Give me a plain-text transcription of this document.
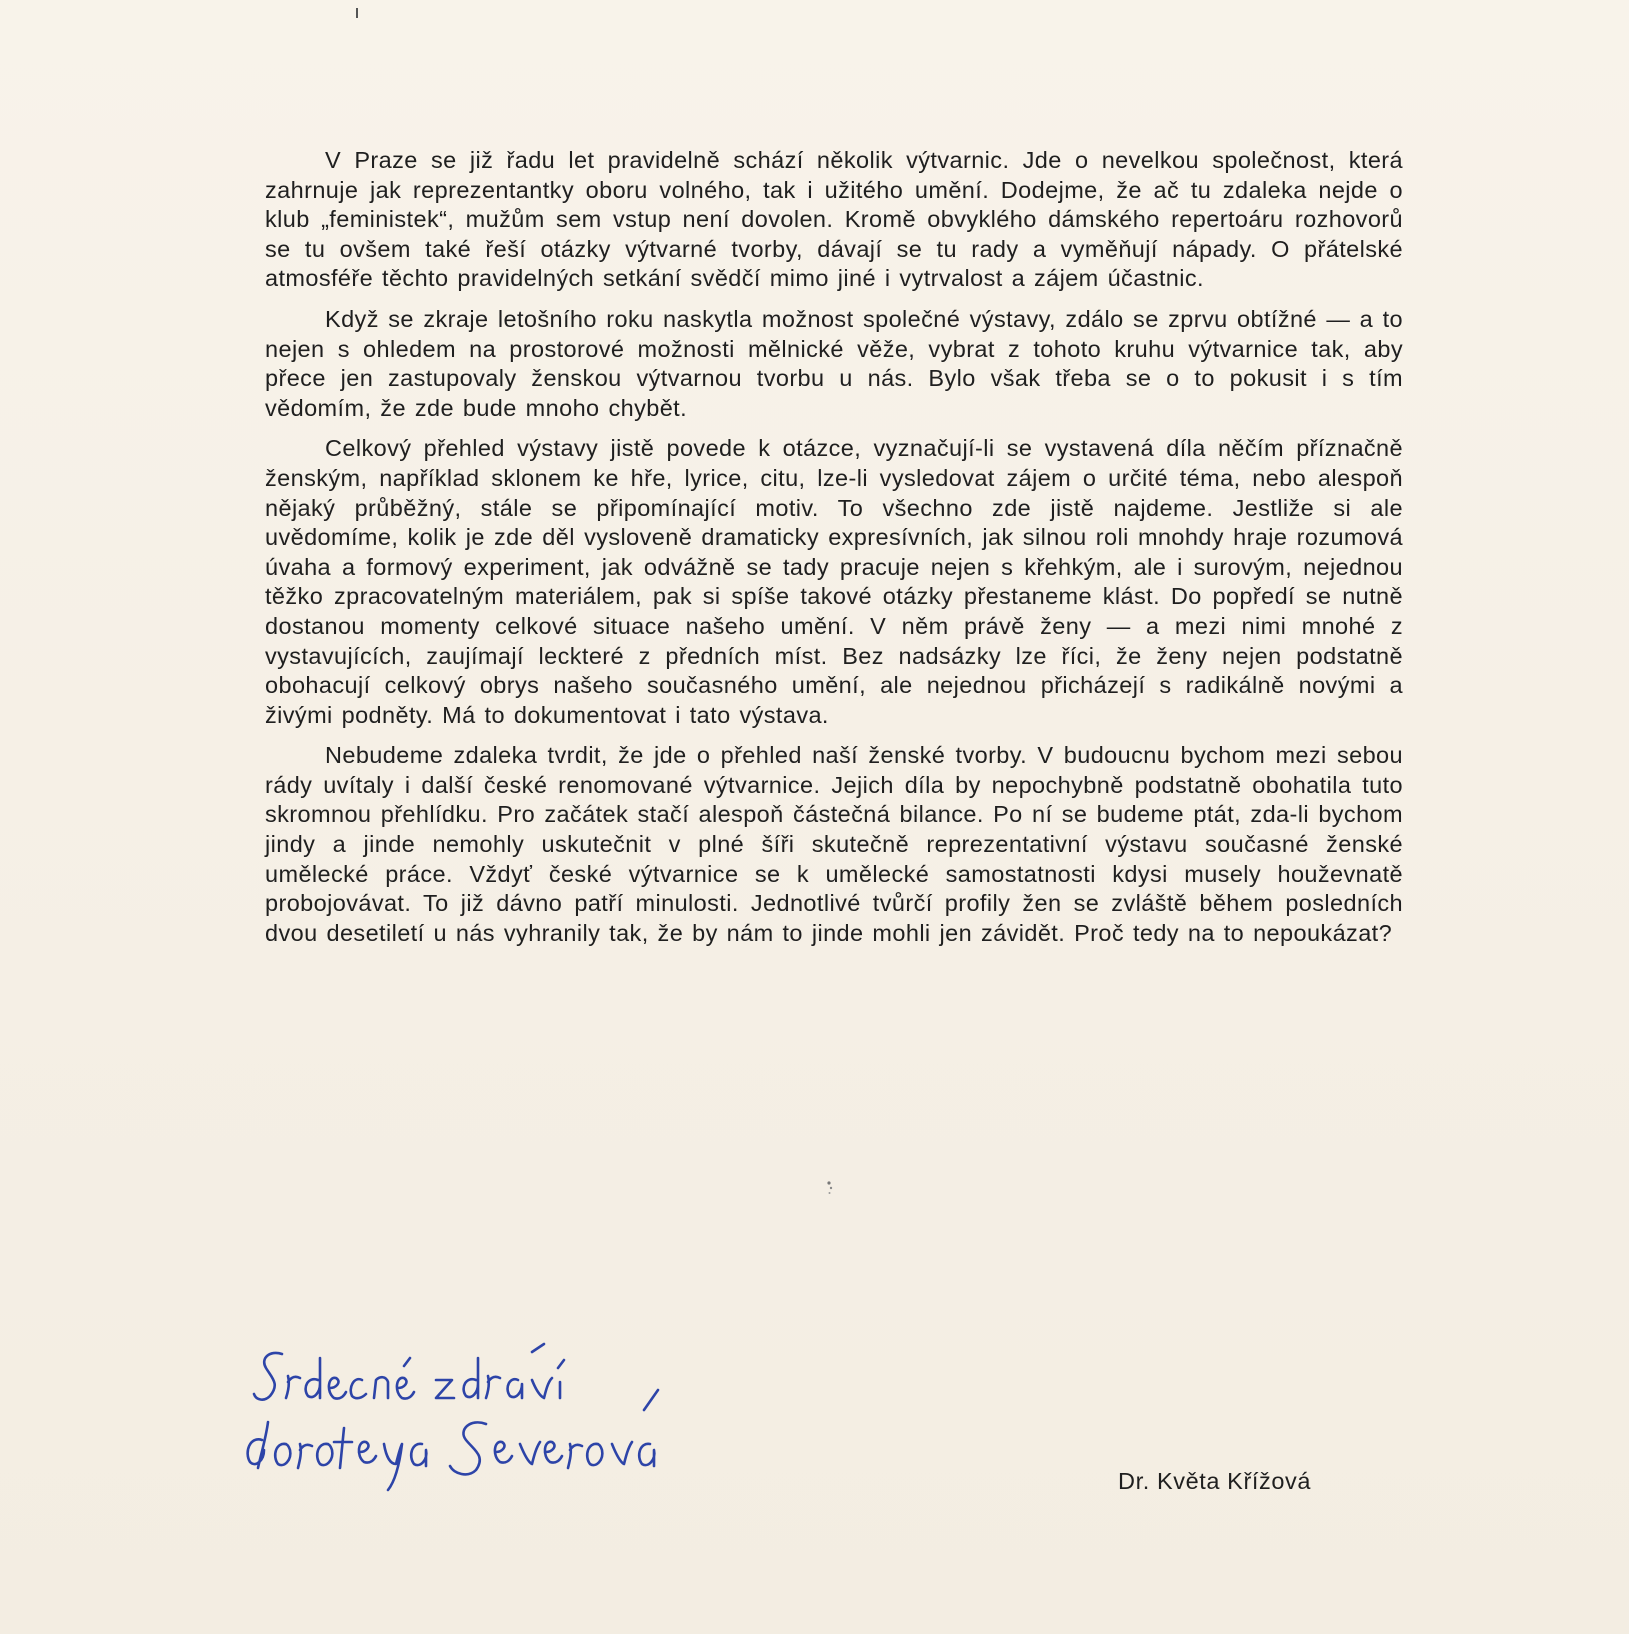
V Praze se již řadu let pravidelně schází několik výtvarnic. Jde o nevelkou společnost, která zahrnuje jak reprezentantky oboru volného, tak i užitého umění. Dodejme, že ač tu zdaleka nejde o klub „feministek“, mužům sem vstup není dovolen. Kromě obvyklého dámského repertoáru rozhovorů se tu ovšem také řeší otázky výtvarné tvorby, dávají se tu rady a vyměňují nápady. O přátelské atmosféře těchto pravidelných setkání svědčí mimo jiné i vytrvalost a zájem účastnic.

Když se zkraje letošního roku naskytla možnost společné výstavy, zdálo se zprvu obtížné — a to nejen s ohledem na prostorové možnosti mělnické věže, vybrat z tohoto kruhu výtvarnice tak, aby přece jen zastupovaly ženskou výtvarnou tvorbu u nás. Bylo však třeba se o to pokusit i s tím vědomím, že zde bude mnoho chybět.

Celkový přehled výstavy jistě povede k otázce, vyznačují-li se vystavená díla něčím příznačně ženským, například sklonem ke hře, lyrice, citu, lze-li vysledovat zájem o určité téma, nebo alespoň nějaký průběžný, stále se připomínající motiv. To všechno zde jistě najdeme. Jestliže si ale uvědomíme, kolik je zde děl vysloveně dramaticky expresívních, jak silnou roli mnohdy hraje rozumová úvaha a formový experiment, jak odvážně se tady pracuje nejen s křehkým, ale i surovým, nejednou těžko zpracovatelným materiálem, pak si spíše takové otázky přestaneme klást. Do popředí se nutně dostanou momenty celkové situace našeho umění. V něm právě ženy — a mezi nimi mnohé z vystavujících, zaujímají leckteré z předních míst. Bez nadsázky lze říci, že ženy nejen podstatně obohacují celkový obrys našeho současného umění, ale nejednou přicházejí s radikálně novými a živými podněty. Má to dokumentovat i tato výstava.

Nebudeme zdaleka tvrdit, že jde o přehled naší ženské tvorby. V budoucnu bychom mezi sebou rády uvítaly i další české renomované výtvarnice. Jejich díla by nepochybně podstatně obohatila tuto skromnou přehlídku. Pro začátek stačí alespoň částečná bilance. Po ní se budeme ptát, zda-li bychom jindy a jinde nemohly uskutečnit v plné šíři skutečně reprezentativní výstavu současné ženské umělecké práce. Vždyť české výtvarnice se k umělecké samostatnosti kdysi musely houževnatě probojovávat. To již dávno patří minulosti. Jednotlivé tvůrčí profily žen se zvláště během posledních dvou desetiletí u nás vyhranily tak, že by nám to jinde mohli jen závidět. Proč tedy na to nepoukázat?

Dr. Květa Křížová
